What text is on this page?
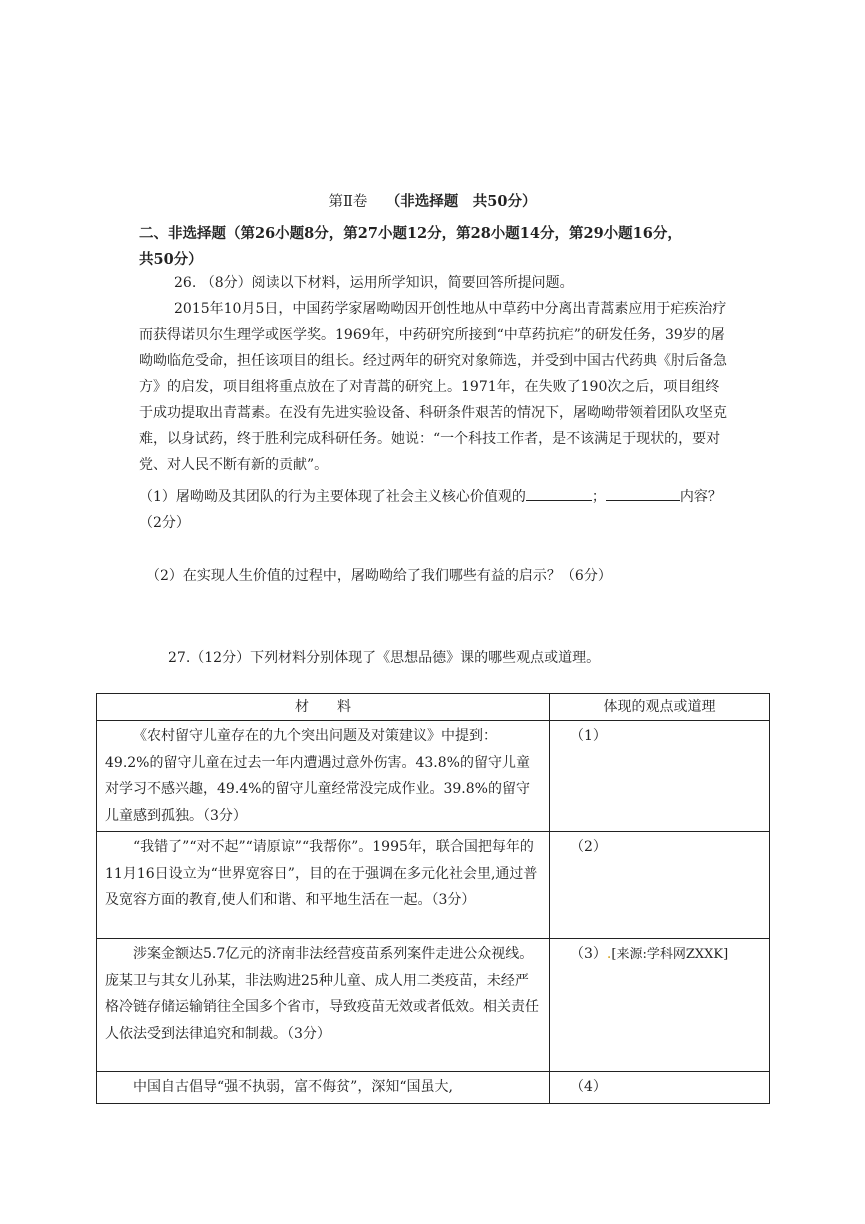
第Ⅱ卷 （非选择题　共50分）
二、非选择题（第26小题8分，第27小题12分，第28小题14分，第29小题16分，
共50分）
26. （8分）阅读以下材料，运用所学知识，简要回答所提问题。
2015年10月5日，中国药学家屠呦呦因开创性地从中草药中分离出青蒿素应用于疟疾治疗而获得诺贝尔生理学或医学奖。1969年，中药研究所接到“中草药抗疟”的研发任务，39岁的屠呦呦临危受命，担任该项目的组长。经过两年的研究对象筛选，并受到中国古代药典《肘后备急方》的启发，项目组将重点放在了对青蒿的研究上。1971年，在失败了190次之后，项目组终于成功提取出青蒿素。在没有先进实验设备、科研条件艰苦的情况下，屠呦呦带领着团队攻坚克难，以身试药，终于胜利完成科研任务。她说：“一个科技工作者，是不该满足于现状的，要对党、对人民不断有新的贡献”。
（1）屠呦呦及其团队的行为主要体现了社会主义核心价值观的	；	内容？（2分）
（2）在实现人生价值的过程中，屠呦呦给了我们哪些有益的启示？（6分）
27.（12分）下列材料分别体现了《思想品德》课的哪些观点或道理。
材　　料	体现的观点或道理
《农村留守儿童存在的九个突出问题及对策建议》中提到：49.2%的留守儿童在过去一年内遭遇过意外伤害。43.8%的留守儿童对学习不感兴趣，49.4%的留守儿童经常没完成作业。39.8%的留守儿童感到孤独。（3分）	（1）
“我错了”“对不起”“请原谅”“我帮你”。1995年，联合国把每年的11月16日设立为“世界宽容日”，目的在于强调在多元化社会里,通过普及宽容方面的教育,使人们和谐、和平地生活在一起。（3分）	（2）
涉案金额达5.7亿元的济南非法经营疫苗系列案件走进公众视线。庞某卫与其女儿孙某，非法购进25种儿童、成人用二类疫苗，未经严格冷链存储运输销往全国多个省市，导致疫苗无效或者低效。相关责任人依法受到法律追究和制裁。（3分）	（3）.[来源:学科网ZXXK]
中国自古倡导“强不执弱，富不侮贫”，深知“国虽大,	（4）
